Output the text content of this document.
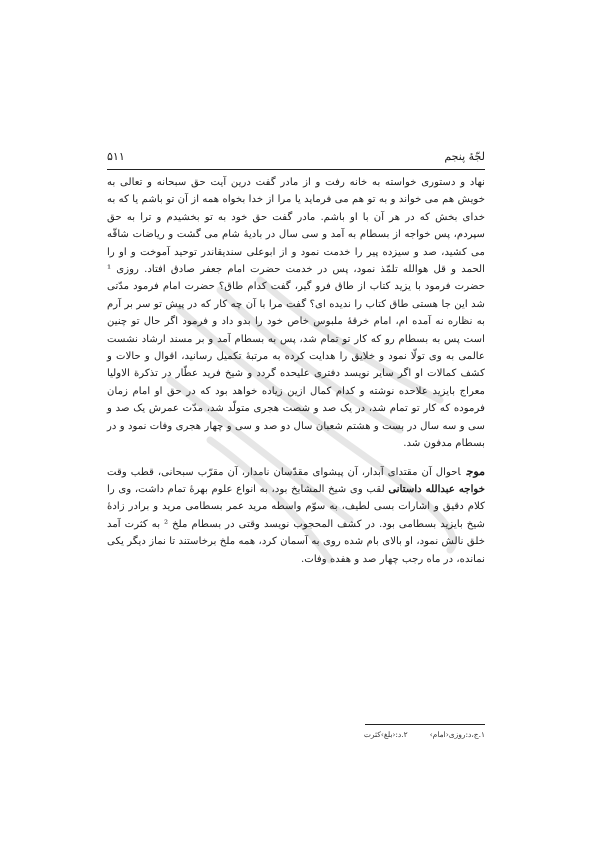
لجّهٔ پنجم
۵۱۱

نهاد و دستوری خواسته به خانه رفت و از مادر گفت درین آیت حق سبحانه و تعالی به خویش هم می خواند و به تو هم می فرماید یا مرا از خدا بخواه همه از آن تو باشم یا که به خدای بخش که در هر آن با او باشم. مادر گفت حق خود به تو بخشیدم و ترا به حق سپردم، پس خواجه از بسطام به آمد و سی سال در بادیهٔ شام می گشت و ریاضات شاقّه می کشید، صد و سیزده پیر را خدمت نمود و از ابوعلی سندیقاندر توحید آموخت و او را الحمد و قل هوالله تلمّذ نمود، پس در خدمت حضرت امام جعفر صادق افتاد. روزی ¹ حضرت فرمود با یزید کتاب از طاق فرو گیر، گفت کدام طاق؟ حضرت امام فرمود مدّتی شد این جا هستی طاق کتاب را ندیده ای؟ گفت مرا با آن چه کار که در پیش تو سر بر آرم به نظاره نه آمده ام، امام خرقهٔ ملبوس خاص خود را بدو داد و فرمود اگر حال تو چنین است پس به بسطام رو که کار تو تمام شد، پس به بسطام آمد و بر مسند ارشاد نشست عالمی به وی تولّا نمود و خلایق را هدایت کرده به مرتبهٔ تکمیل رسانید، اقوال و حالات و کشف کمالات او اگر سایر نویسد دفتری علیحده گردد و شیخ فرید عطّار در تذکرة الاولیا معراج بایزید علاحده نوشته و کدام کمال ازین زیاده خواهد بود که در حق او امام زمان فرموده که کار تو تمام شد، در یک صد و شصت هجری متولّد شد، مدّت عمرش یک صد و سی و سه سال در بست و هشتم شعبان سال دو صد و سی و چهار هجری وفات نمود و در بسطام مدفون شد.

موجاحوال آن مقتدای آبدار، آن پیشوای مقدّسان نامدار، آن مقرّب سبحانی، قطب وقت خواجه عبدالله داستانی لقب وی شیخ المشایخ بود، به انواع علوم بهرهٔ تمام داشت، وی را کلام دقیق و اشارات بسی لطیف، به سوّم واسطه مرید عمر بسطامی مرید و برادر زادهٔ شیخ بایزید بسطامی بود. در کشف المحجوب نویسد وقتی در بسطام ملخ ² به کثرت آمد خلق نالش نمود، او بالای بام شده روی به آسمان کرد، همه ملخ برخاستند تا نماز دیگر یکی نمانده، در ماه رجب چهار صد و هفده وفات.

۱.ج،د:روزی‹امام›۲.د:‹بلغ›کثرت
